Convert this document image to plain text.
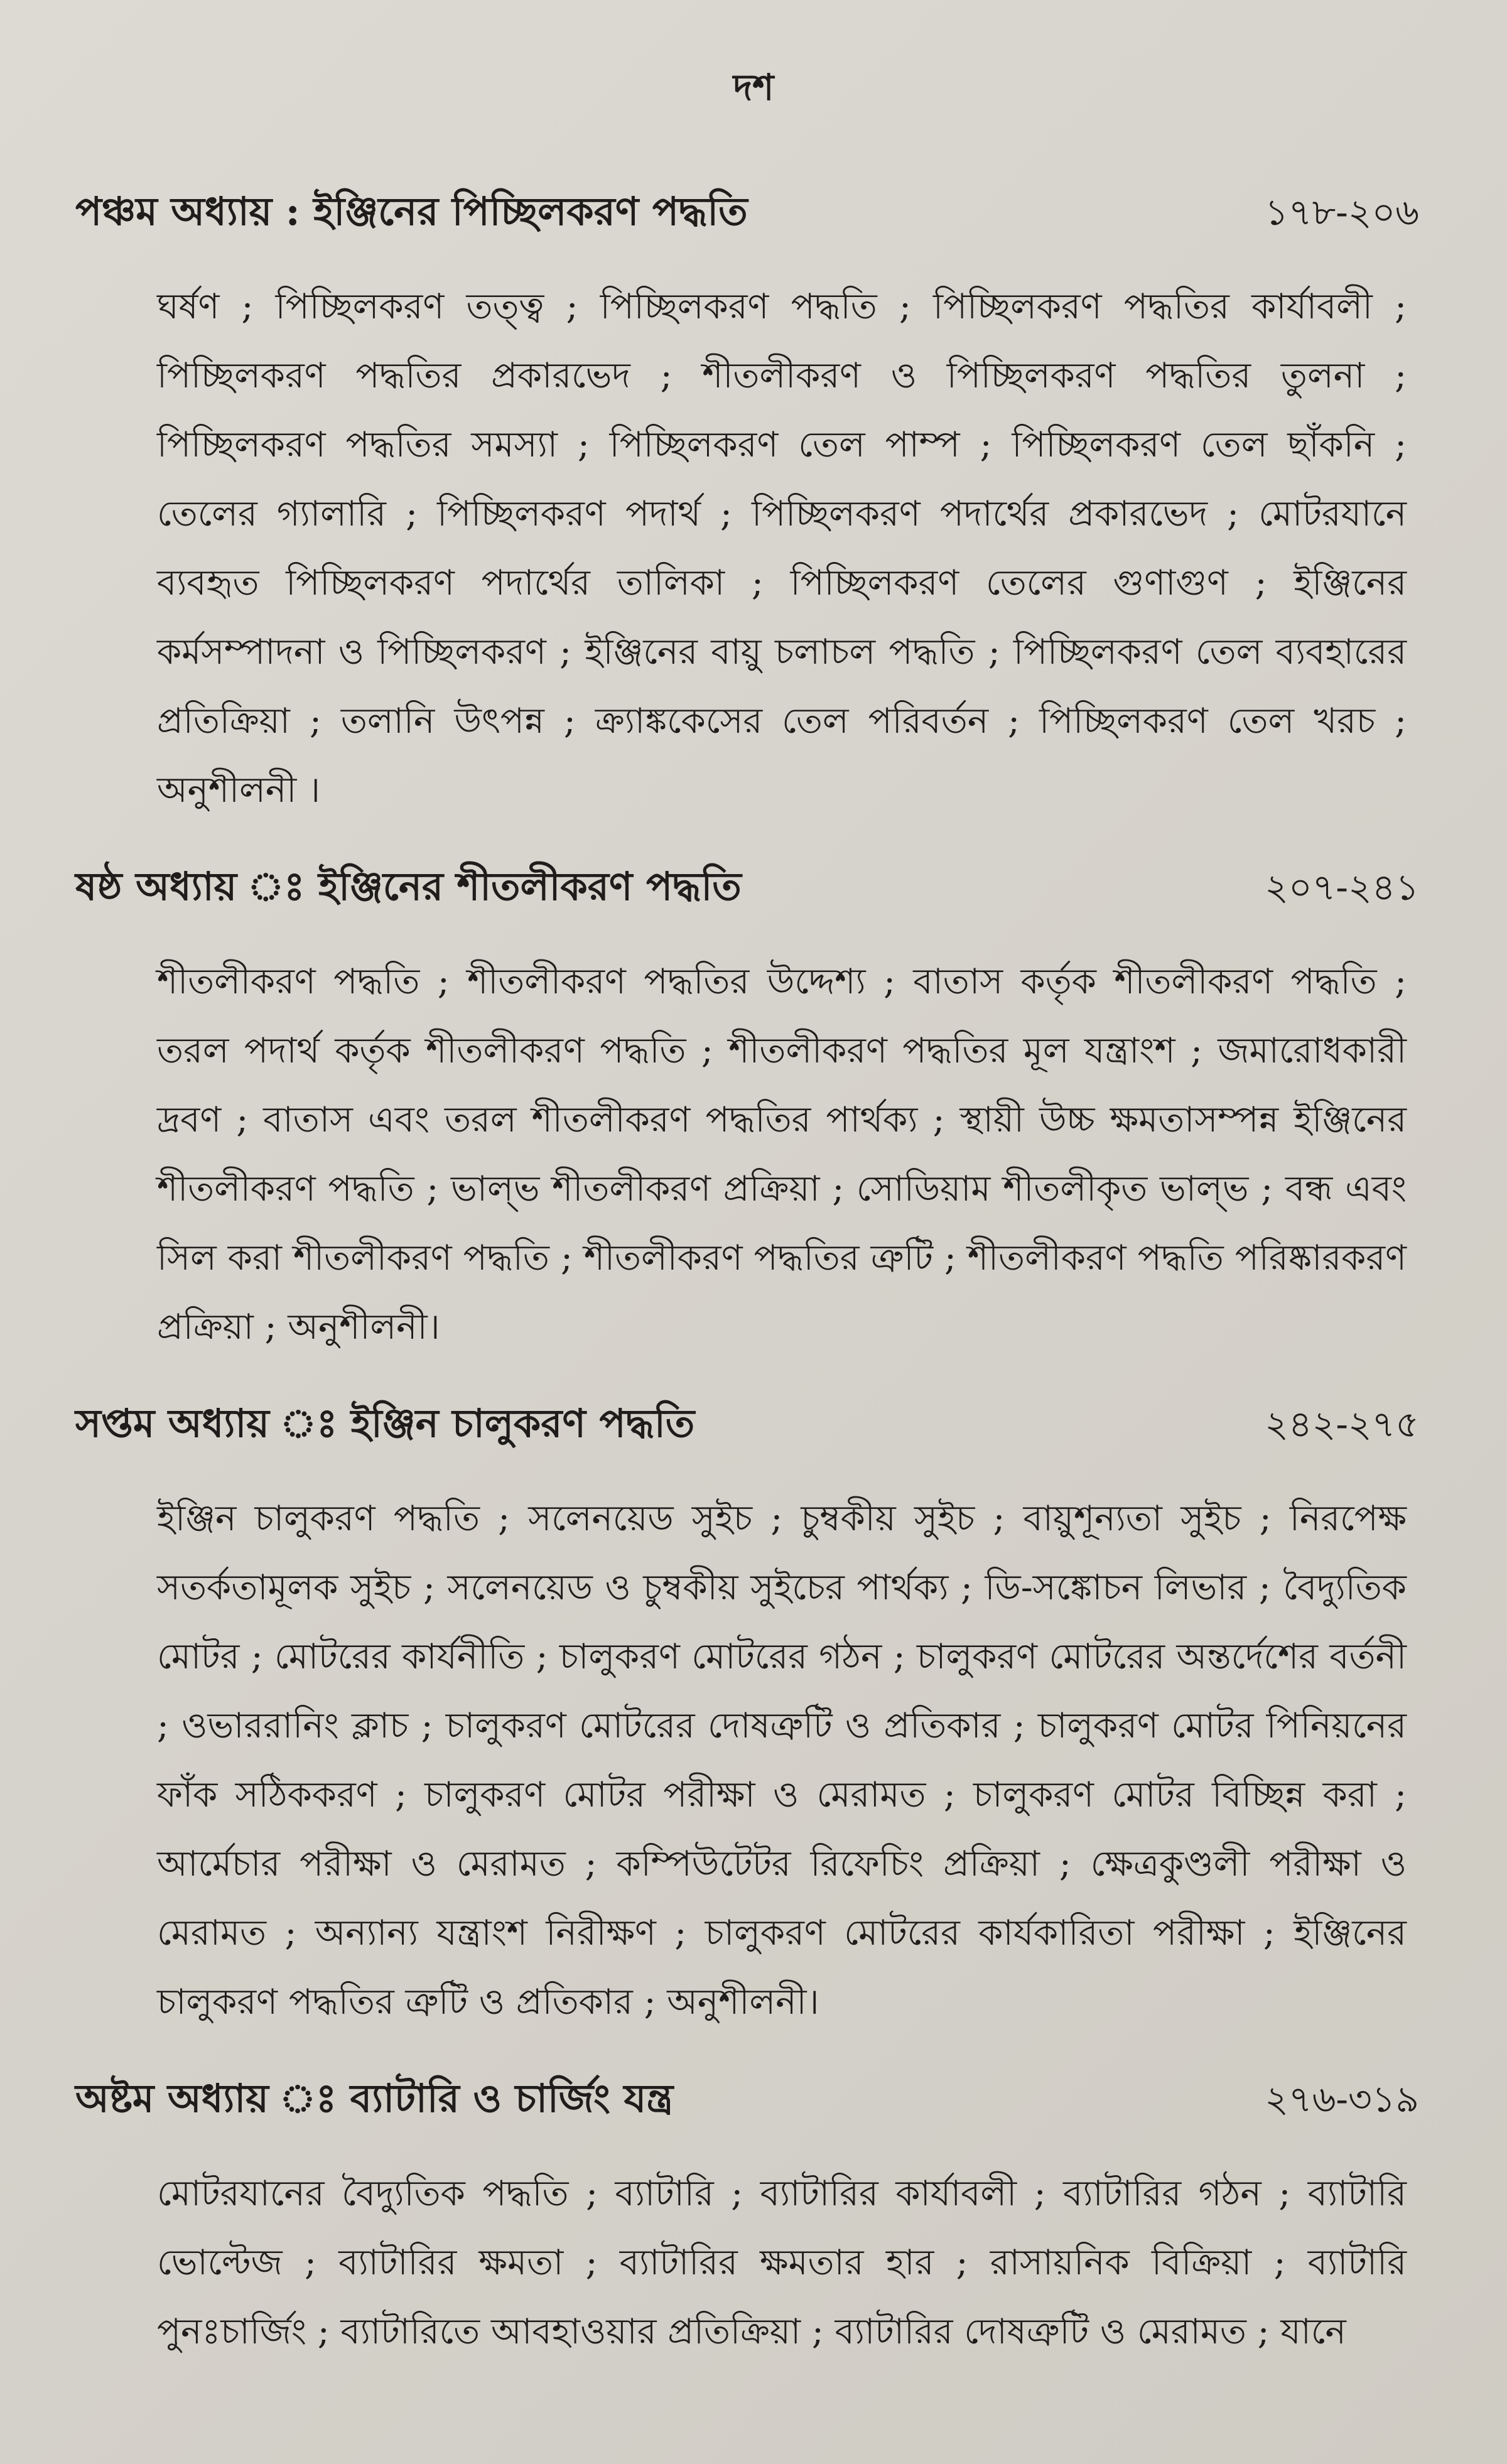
দশ
পঞ্চম অধ্যায় : ইঞ্জিনের পিচ্ছিলকরণ পদ্ধতি	১৭৮-২০৬
ঘর্ষণ ; পিচ্ছিলকরণ তত্ত্ব ; পিচ্ছিলকরণ পদ্ধতি ; পিচ্ছিলকরণ পদ্ধতির কার্যাবলী ; পিচ্ছিলকরণ পদ্ধতির প্রকারভেদ ; শীতলীকরণ ও পিচ্ছিলকরণ পদ্ধতির তুলনা ; পিচ্ছিলকরণ পদ্ধতির সমস্যা ; পিচ্ছিলকরণ তেল পাম্প ; পিচ্ছিলকরণ তেল ছাঁকনি ; তেলের গ্যালারি ; পিচ্ছিলকরণ পদার্থ ; পিচ্ছিলকরণ পদার্থের প্রকারভেদ ; মোটরযানে ব্যবহৃত পিচ্ছিলকরণ পদার্থের তালিকা ; পিচ্ছিলকরণ তেলের গুণাগুণ ; ইঞ্জিনের কর্মসম্পাদনা ও পিচ্ছিলকরণ ; ইঞ্জিনের বায়ু চলাচল পদ্ধতি ; পিচ্ছিলকরণ তেল ব্যবহারের প্রতিক্রিয়া ; তলানি উৎপন্ন ; ক্র্যাঙ্ককেসের তেল পরিবর্তন ; পিচ্ছিলকরণ তেল খরচ ; অনুশীলনী ।
ষষ্ঠ অধ্যায় ঃ ইঞ্জিনের শীতলীকরণ পদ্ধতি	২০৭-২৪১
শীতলীকরণ পদ্ধতি ; শীতলীকরণ পদ্ধতির উদ্দেশ্য ; বাতাস কর্তৃক শীতলীকরণ পদ্ধতি ; তরল পদার্থ কর্তৃক শীতলীকরণ পদ্ধতি ; শীতলীকরণ পদ্ধতির মূল যন্ত্রাংশ ; জমারোধকারী দ্রবণ ; বাতাস এবং তরল শীতলীকরণ পদ্ধতির পার্থক্য ; স্থায়ী উচ্চ ক্ষমতাসম্পন্ন ইঞ্জিনের শীতলীকরণ পদ্ধতি ; ভাল্‌ভ শীতলীকরণ প্রক্রিয়া ; সোডিয়াম শীতলীকৃত ভাল্‌ভ ; বন্ধ এবং সিল করা শীতলীকরণ পদ্ধতি ; শীতলীকরণ পদ্ধতির ত্রুটি ; শীতলীকরণ পদ্ধতি পরিষ্কারকরণ প্রক্রিয়া ; অনুশীলনী।
সপ্তম অধ্যায় ঃ ইঞ্জিন চালুকরণ পদ্ধতি	২৪২-২৭৫
ইঞ্জিন চালুকরণ পদ্ধতি ; সলেনয়েড সুইচ ; চুম্বকীয় সুইচ ; বায়ুশূন্যতা সুইচ ; নিরপেক্ষ সতর্কতামূলক সুইচ ; সলেনয়েড ও চুম্বকীয় সুইচের পার্থক্য ; ডি-সঙ্কোচন লিভার ; বৈদ্যুতিক মোটর ; মোটরের কার্যনীতি ; চালুকরণ মোটরের গঠন ; চালুকরণ মোটরের অন্তর্দেশের বর্তনী ; ওভাররানিং ক্লাচ ; চালুকরণ মোটরের দোষত্রুটি ও প্রতিকার ; চালুকরণ মোটর পিনিয়নের ফাঁক সঠিককরণ ; চালুকরণ মোটর পরীক্ষা ও মেরামত ; চালুকরণ মোটর বিচ্ছিন্ন করা ; আর্মেচার পরীক্ষা ও মেরামত ; কম্পিউটেটর রিফেচিং প্রক্রিয়া ; ক্ষেত্রকুণ্ডলী পরীক্ষা ও মেরামত ; অন্যান্য যন্ত্রাংশ নিরীক্ষণ ; চালুকরণ মোটরের কার্যকারিতা পরীক্ষা ; ইঞ্জিনের চালুকরণ পদ্ধতির ত্রুটি ও প্রতিকার ; অনুশীলনী।
অষ্টম অধ্যায় ঃ ব্যাটারি ও চার্জিং যন্ত্র	২৭৬-৩১৯
মোটরযানের বৈদ্যুতিক পদ্ধতি ; ব্যাটারি ; ব্যাটারির কার্যাবলী ; ব্যাটারির গঠন ; ব্যাটারি ভোল্টেজ ; ব্যাটারির ক্ষমতা ; ব্যাটারির ক্ষমতার হার ; রাসায়নিক বিক্রিয়া ; ব্যাটারি পুনঃচার্জিং ; ব্যাটারিতে আবহাওয়ার প্রতিক্রিয়া ; ব্যাটারির দোষত্রুটি ও মেরামত ; যানে
